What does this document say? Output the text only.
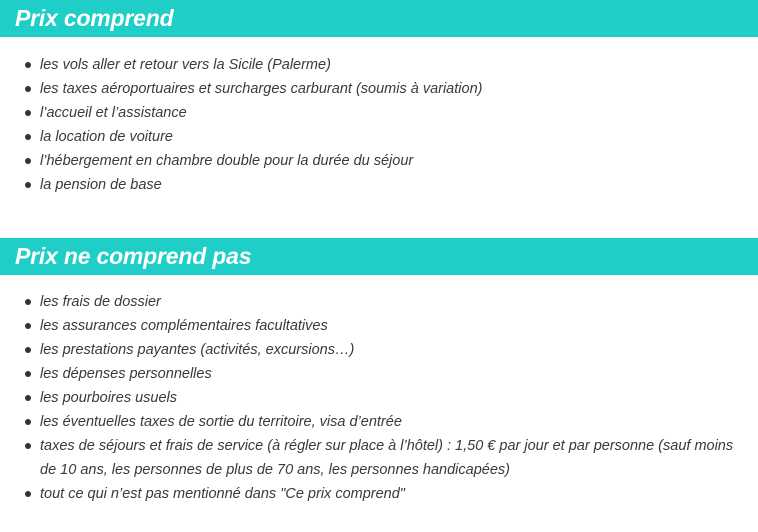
Prix comprend
les vols aller et retour vers la Sicile (Palerme)
les taxes aéroportuaires et surcharges carburant (soumis à variation)
l’accueil et l’assistance
la location de voiture
l’hébergement en chambre double pour la durée du séjour
la pension de base
Prix ne comprend pas
les frais de dossier
les assurances complémentaires facultatives
les prestations payantes (activités, excursions…)
les dépenses personnelles
les pourboires usuels
les éventuelles taxes de sortie du territoire, visa d’entrée
taxes de séjours et frais de service (à régler sur place à l’hôtel) : 1,50 € par jour et par personne (sauf moins de 10 ans, les personnes de plus de 70 ans, les personnes handicapées)
tout ce qui n’est pas mentionné dans "Ce prix comprend"
